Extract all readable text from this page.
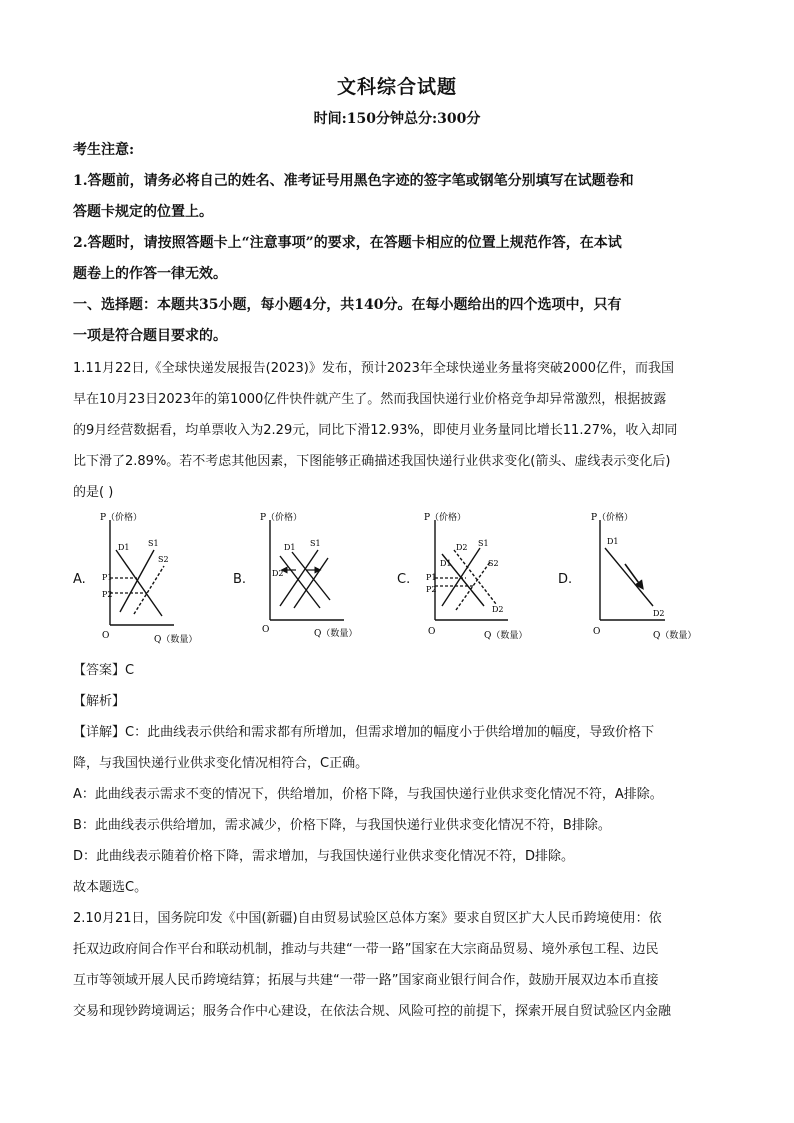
文科综合试题
时间:150分钟总分:300分
考生注意:
1.答题前，请务必将自己的姓名、准考证号用黑色字迹的签字笔或钢笔分别填写在试题卷和
答题卡规定的位置上。
2.答题时，请按照答题卡上“注意事项”的要求，在答题卡相应的位置上规范作答，在本试
题卷上的作答一律无效。
一、选择题：本题共35小题，每小题4分，共140分。在每小题给出的四个选项中，只有
一项是符合题目要求的。
1.11月22日,《全球快递发展报告(2023)》发布，预计2023年全球快递业务量将突破2000亿件，而我国
早在10月23日2023年的第1000亿件快件就产生了。然而我国快递行业价格竞争却异常激烈，根据披露
的9月经营数据看，均单票收入为2.29元，同比下滑12.93%，即使月业务量同比增长11.27%，收入却同
比下滑了2.89%。若不考虑其他因素，下图能够正确描述我国快递行业供求变化(箭头、虚线表示变化后)
的是( )
A.	B.	C.	D.
P（价格）
Q（数量）
O
D1 S1
S2
P1
P2
P（价格）
Q（数量）
O
D1 S1
D2
P（价格）
Q（数量）
O
D2 S1
D1	S2
D2
P1
P2
P（价格）
Q（数量）
O
D1
D2
【答案】C
【解析】
【详解】C：此曲线表示供给和需求都有所增加，但需求增加的幅度小于供给增加的幅度，导致价格下
降，与我国快递行业供求变化情况相符合，C正确。
A：此曲线表示需求不变的情况下，供给增加，价格下降，与我国快递行业供求变化情况不符，A排除。
B：此曲线表示供给增加，需求减少，价格下降，与我国快递行业供求变化情况不符，B排除。
D：此曲线表示随着价格下降，需求增加，与我国快递行业供求变化情况不符，D排除。
故本题选C。
2.10月21日，国务院印发《中国(新疆)自由贸易试验区总体方案》要求自贸区扩大人民币跨境使用：依
托双边政府间合作平台和联动机制，推动与共建“一带一路”国家在大宗商品贸易、境外承包工程、边民
互市等领域开展人民币跨境结算；拓展与共建“一带一路”国家商业银行间合作，鼓励开展双边本币直接
交易和现钞跨境调运；服务合作中心建设，在依法合规、风险可控的前提下，探索开展自贸试验区内金融
